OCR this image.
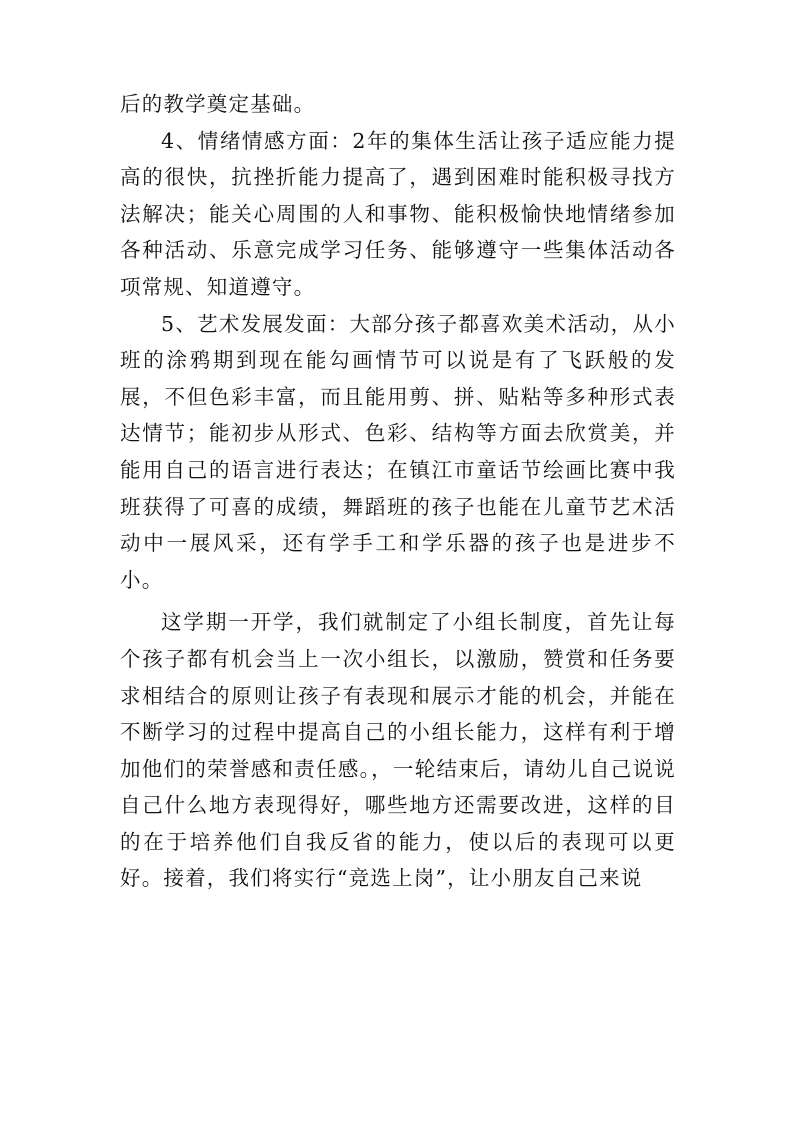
后的教学奠定基础。

4、情绪情感方面：2年的集体生活让孩子适应能力提高的很快，抗挫折能力提高了，遇到困难时能积极寻找方法解决；能关心周围的人和事物、能积极愉快地情绪参加各种活动、乐意完成学习任务、能够遵守一些集体活动各项常规、知道遵守。

5、艺术发展发面：大部分孩子都喜欢美术活动，从小班的涂鸦期到现在能勾画情节可以说是有了飞跃般的发展，不但色彩丰富，而且能用剪、拼、贴粘等多种形式表达情节；能初步从形式、色彩、结构等方面去欣赏美，并能用自己的语言进行表达；在镇江市童话节绘画比赛中我班获得了可喜的成绩，舞蹈班的孩子也能在儿童节艺术活动中一展风采，还有学手工和学乐器的孩子也是进步不小。

这学期一开学，我们就制定了小组长制度，首先让每个孩子都有机会当上一次小组长，以激励，赞赏和任务要求相结合的原则让孩子有表现和展示才能的机会，并能在不断学习的过程中提高自己的小组长能力，这样有利于增加他们的荣誉感和责任感。，一轮结束后，请幼儿自己说说自己什么地方表现得好，哪些地方还需要改进，这样的目的在于培养他们自我反省的能力，使以后的表现可以更好。接着，我们将实行“竞选上岗”，让小朋友自己来说
